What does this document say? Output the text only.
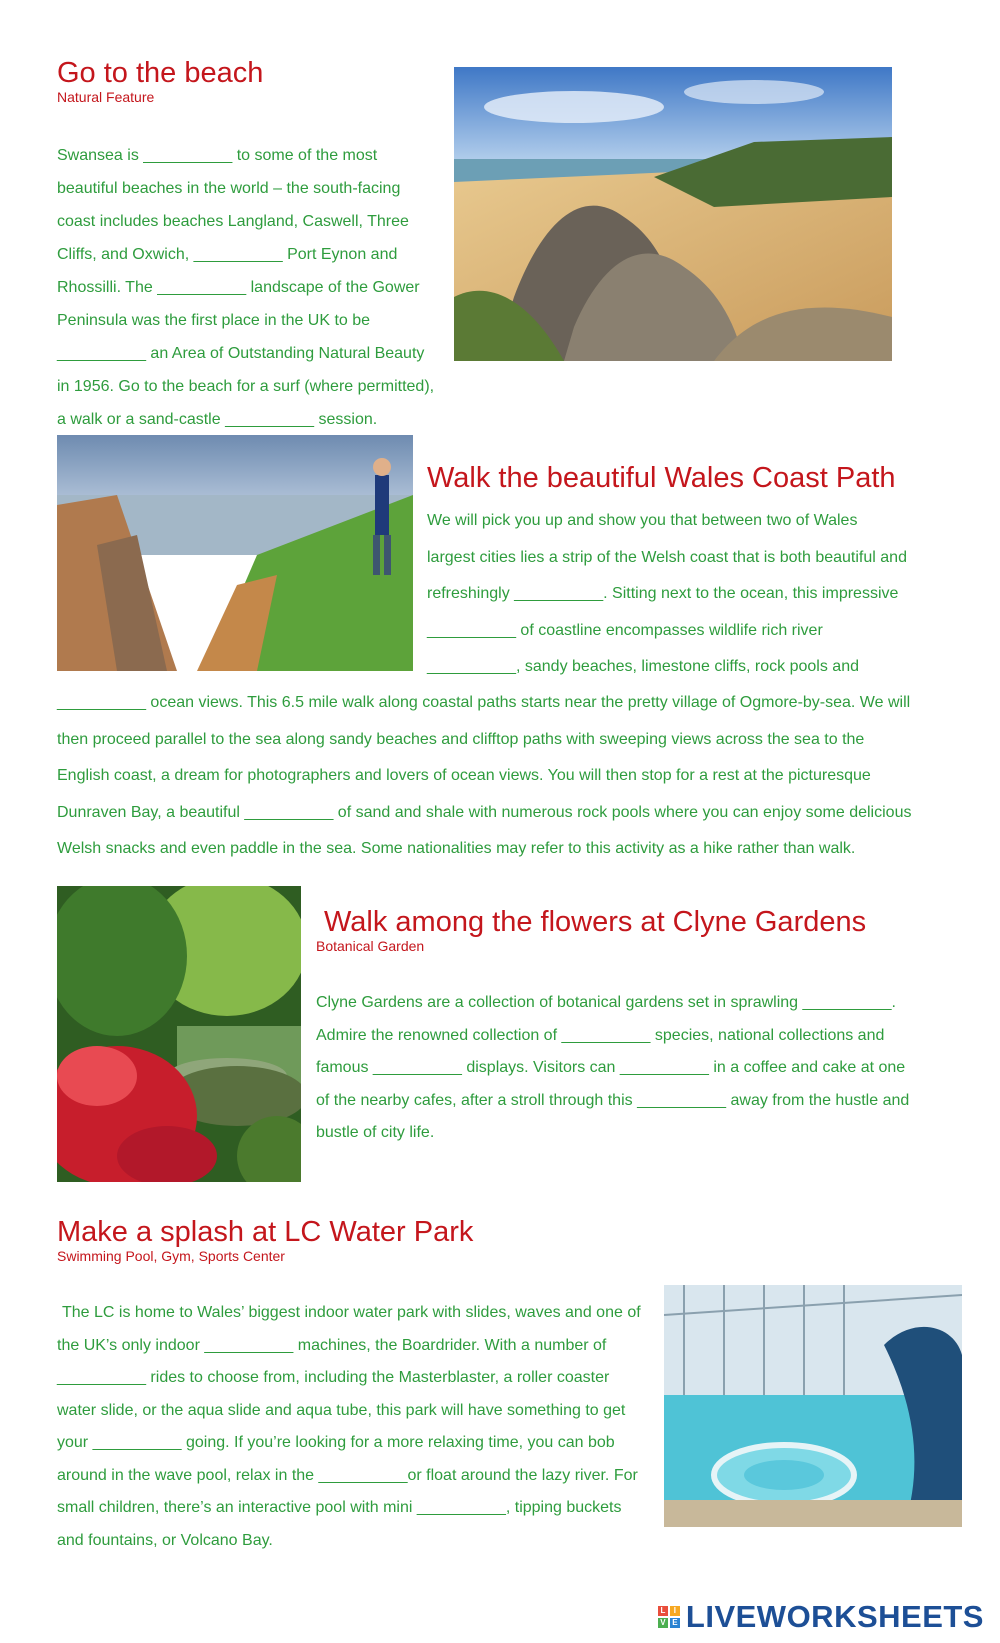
Go to the beach
Natural Feature

Swansea is __________ to some of the most beautiful beaches in the world – the south-facing coast includes beaches Langland, Caswell, Three Cliffs, and Oxwich, __________ Port Eynon and Rhossilli. The __________ landscape of the Gower Peninsula was the first place in the UK to be __________ an Area of Outstanding Natural Beauty in 1956. Go to the beach for a surf (where permitted), a walk or a sand-castle __________ session.

Walk the beautiful Wales Coast Path

We will pick you up and show you that between two of Wales largest cities lies a strip of the Welsh coast that is both beautiful and refreshingly __________. Sitting next to the ocean, this impressive __________ of coastline encompasses wildlife rich river __________, sandy beaches, limestone cliffs, rock pools and

__________ ocean views. This 6.5 mile walk along coastal paths starts near the pretty village of Ogmore-by-sea. We will then proceed parallel to the sea along sandy beaches and clifftop paths with sweeping views across the sea to the English coast, a dream for photographers and lovers of ocean views. You will then stop for a rest at the picturesque Dunraven Bay, a beautiful __________ of sand and shale with numerous rock pools where you can enjoy some delicious Welsh snacks and even paddle in the sea. Some nationalities may refer to this activity as a hike rather than walk.

Walk among the flowers at Clyne Gardens
Botanical Garden

Clyne Gardens are a collection of botanical gardens set in sprawling __________. Admire the renowned collection of __________ species, national collections and famous __________ displays. Visitors can __________ in a coffee and cake at one of the nearby cafes, after a stroll through this __________ away from the hustle and bustle of city life.

Make a splash at LC Water Park
Swimming Pool, Gym, Sports Center

The LC is home to Wales’ biggest indoor water park with slides, waves and one of the UK’s only indoor __________ machines, the Boardrider. With a number of __________ rides to choose from, including the Masterblaster, a roller coaster water slide, or the aqua slide and aqua tube, this park will have something to get your __________ going. If you’re looking for a more relaxing time, you can bob around in the wave pool, relax in the __________or float around the lazy river. For small children, there’s an interactive pool with mini __________, tipping buckets and fountains, or Volcano Bay.

L	I
V E LIVEWORKSHEETS
